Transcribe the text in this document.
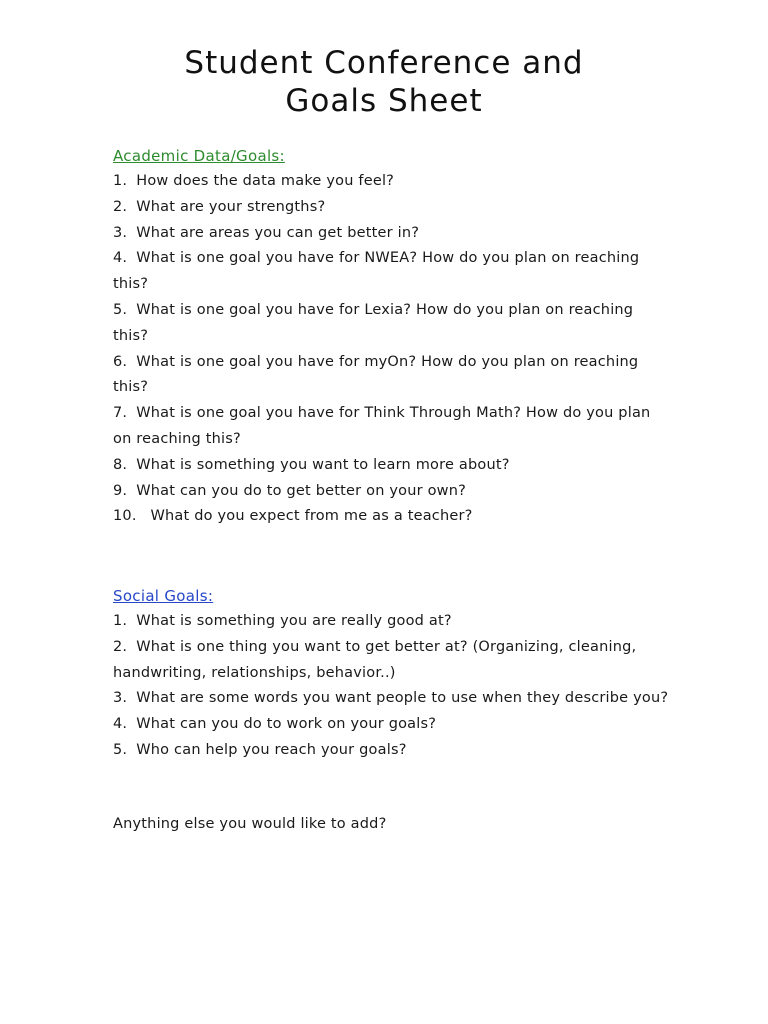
Student Conference and
Goals Sheet

Academic Data/Goals:

1. How does the data make you feel?
2. What are your strengths?
3. What are areas you can get better in?
4. What is one goal you have for NWEA? How do you plan on reaching this?
5. What is one goal you have for Lexia? How do you plan on reaching this?
6. What is one goal you have for myOn? How do you plan on reaching this?
7. What is one goal you have for Think Through Math? How do you plan on reaching this?
8. What is something you want to learn more about?
9. What can you do to get better on your own?
10. What do you expect from me as a teacher?

Social Goals:

1. What is something you are really good at?
2. What is one thing you want to get better at? (Organizing, cleaning, handwriting, relationships, behavior..)
3. What are some words you want people to use when they describe you?
4. What can you do to work on your goals?
5. Who can help you reach your goals?

Anything else you would like to add?
